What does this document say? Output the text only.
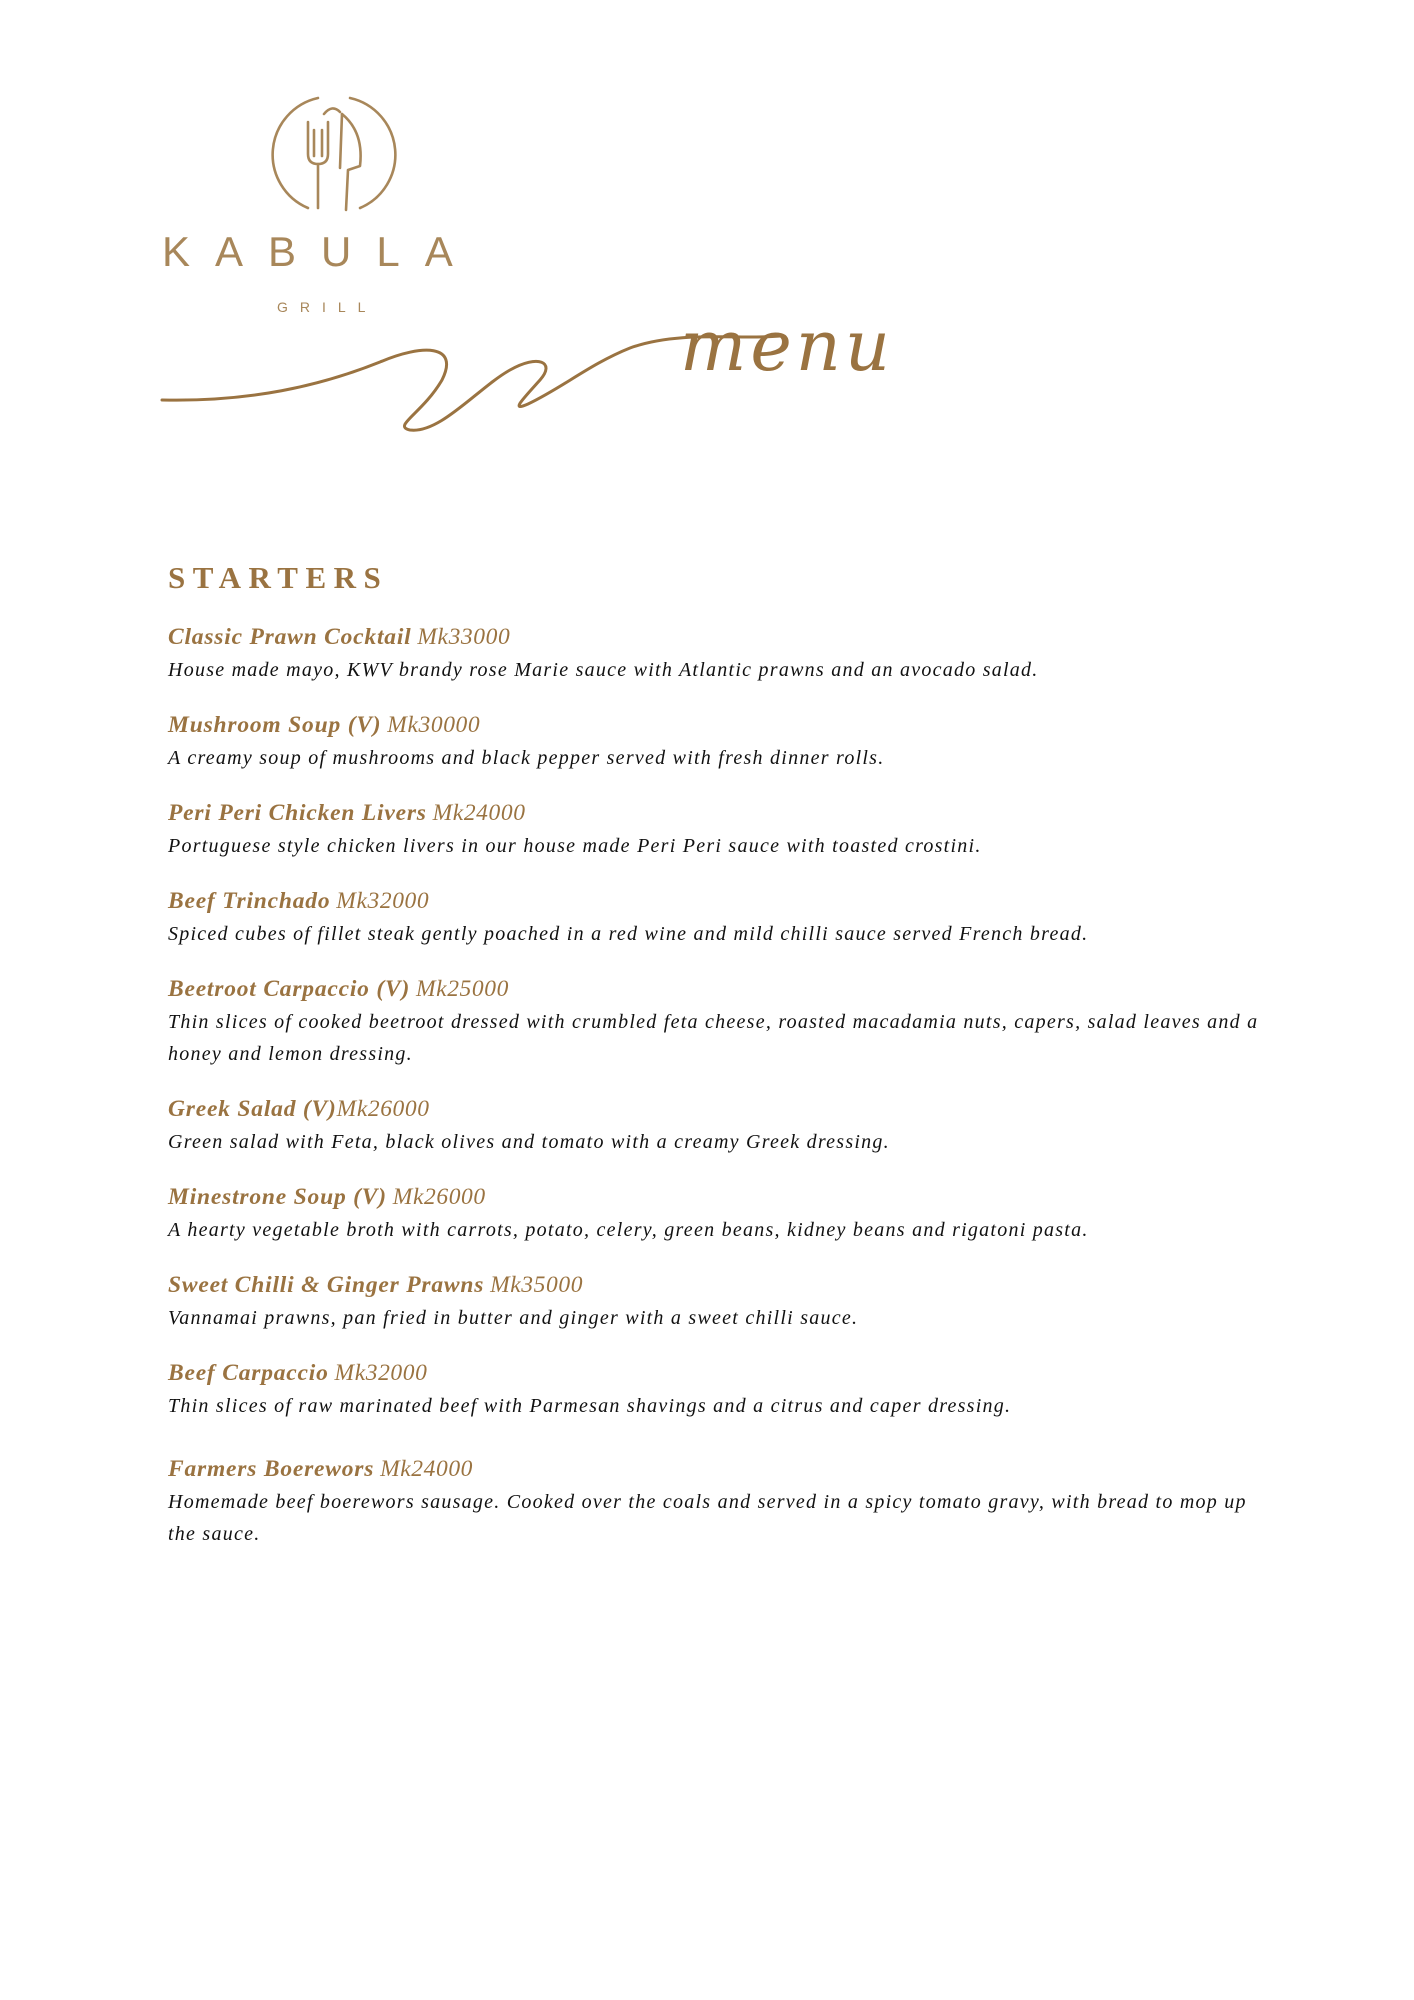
KABULA
GRILL	menu
STARTERS
Classic Prawn Cocktail Mk33000
House made mayo, KWV brandy rose Marie sauce with Atlantic prawns and an avocado salad.
Mushroom Soup (V) Mk30000
A creamy soup of mushrooms and black pepper served with fresh dinner rolls.
Peri Peri Chicken Livers Mk24000
Portuguese style chicken livers in our house made Peri Peri sauce with toasted crostini.
Beef Trinchado Mk32000
Spiced cubes of fillet steak gently poached in a red wine and mild chilli sauce served French bread.
Beetroot Carpaccio (V) Mk25000
Thin slices of cooked beetroot dressed with crumbled feta cheese, roasted macadamia nuts, capers, salad leaves and a honey and lemon dressing.
Greek Salad (V)Mk26000
Green salad with Feta, black olives and tomato with a creamy Greek dressing.
Minestrone Soup (V) Mk26000
A hearty vegetable broth with carrots, potato, celery, green beans, kidney beans and rigatoni pasta.
Sweet Chilli & Ginger Prawns Mk35000
Vannamai prawns, pan fried in butter and ginger with a sweet chilli sauce.
Beef Carpaccio Mk32000
Thin slices of raw marinated beef with Parmesan shavings and a citrus and caper dressing.
Farmers Boerewors Mk24000
Homemade beef boerewors sausage. Cooked over the coals and served in a spicy tomato gravy, with bread to mop up the sauce.
